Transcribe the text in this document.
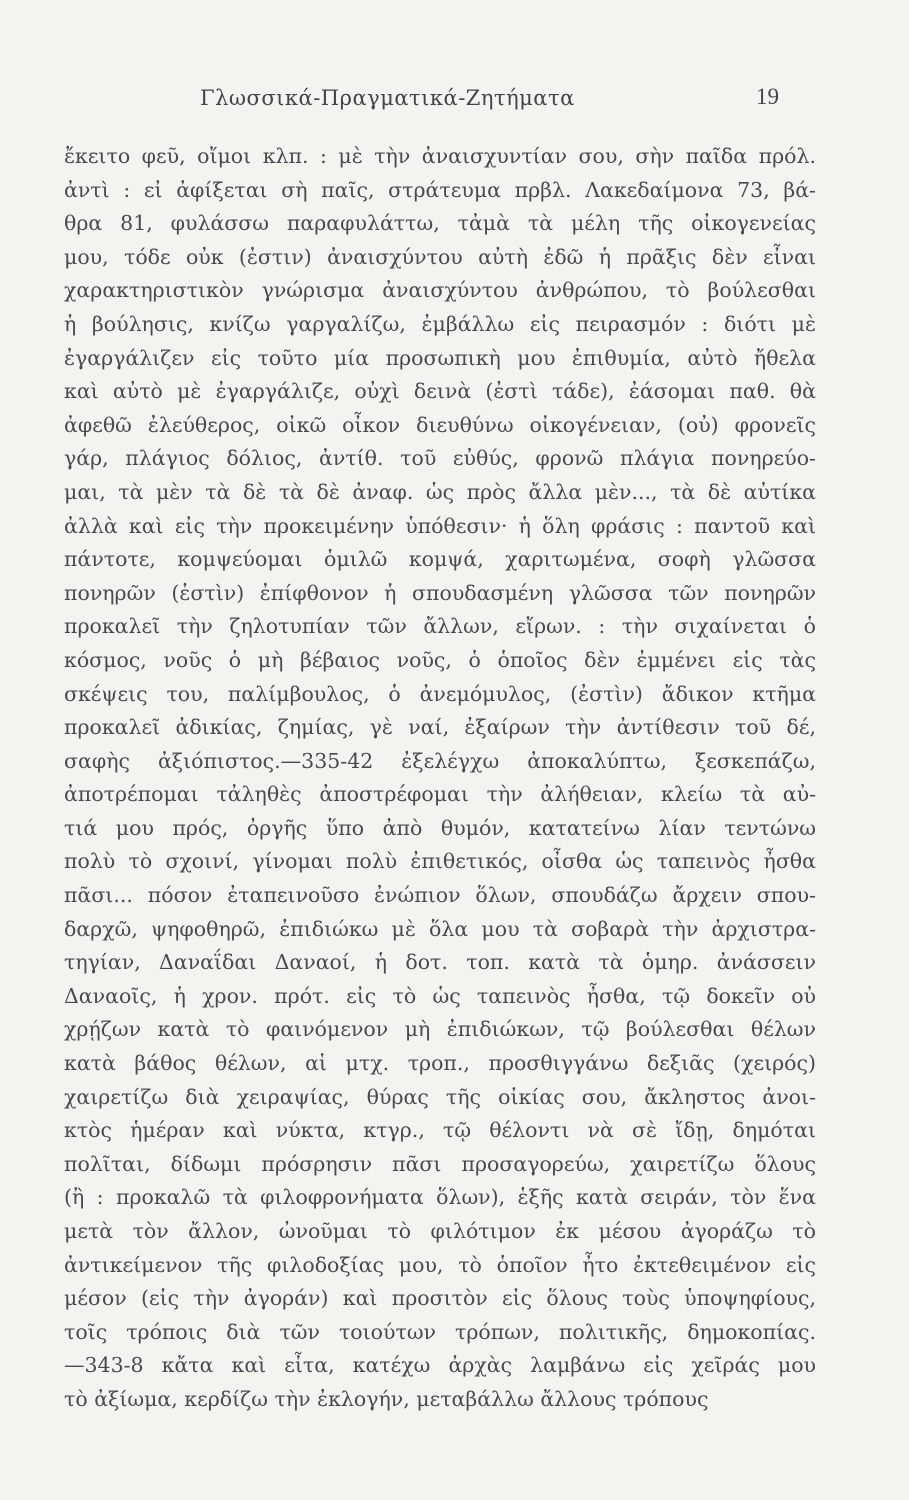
Γλωσσικά-Πραγματικά-Ζητήματα	19
ἔκειτο φεῦ, οἴμοι κλπ. : μὲ τὴν ἀναισχυντίαν σου, σὴν παῖδα πρόλ.
ἀντὶ : εἰ ἀφίξεται σὴ παῖς, στράτευμα πρβλ. Λακεδαίμονα 73, βά-
θρα 81, φυλάσσω παραφυλάττω, τἀμὰ τὰ μέλη τῆς οἰκογενείας
μου, τόδε οὐκ (ἐστιν) ἀναισχύντου αὐτὴ ἐδῶ ἡ πρᾶξις δὲν εἶναι
χαρακτηριστικὸν γνώρισμα ἀναισχύντου ἀνθρώπου, τὸ βούλεσθαι
ἡ βούλησις, κνίζω γαργαλίζω, ἐμβάλλω εἰς πειρασμόν : διότι μὲ
ἐγαργάλιζεν εἰς τοῦτο μία προσωπικὴ μου ἐπιθυμία, αὐτὸ ἤθελα
καὶ αὐτὸ μὲ ἐγαργάλιζε, οὐχὶ δεινὰ (ἐστὶ τάδε), ἐάσομαι παθ. θὰ
ἀφεθῶ ἐλεύθερος, οἰκῶ οἶκον διευθύνω οἰκογένειαν, (οὐ) φρονεῖς
γάρ, πλάγιος δόλιος, ἀντίθ. τοῦ εὐθύς, φρονῶ πλάγια πονηρεύο-
μαι, τὰ μὲν τὰ δὲ τὰ δὲ ἀναφ. ὡς πρὸς ἄλλα μὲν..., τὰ δὲ αὐτίκα
ἀλλὰ καὶ εἰς τὴν προκειμένην ὑπόθεσιν· ἡ ὅλη φράσις : παντοῦ καὶ
πάντοτε, κομψεύομαι ὁμιλῶ κομψά, χαριτωμένα, σοφὴ γλῶσσα
πονηρῶν (ἐστὶν) ἐπίφθονον ἡ σπουδασμένη γλῶσσα τῶν πονηρῶν
προκαλεῖ τὴν ζηλοτυπίαν τῶν ἄλλων, εἴρων. : τὴν σιχαίνεται ὁ
κόσμος, νοῦς ὁ μὴ βέβαιος νοῦς, ὁ ὁποῖος δὲν ἐμμένει εἰς τὰς
σκέψεις του, παλίμβουλος, ὁ ἀνεμόμυλος, (ἐστὶν) ἄδικον κτῆμα
προκαλεῖ ἀδικίας, ζημίας, γὲ ναί, ἐξαίρων τὴν ἀντίθεσιν τοῦ δέ,
σαφὴς ἀξιόπιστος.—335-42 ἐξελέγχω ἀποκαλύπτω, ξεσκεπάζω,
ἀποτρέπομαι τἀληθὲς ἀποστρέφομαι τὴν ἀλήθειαν, κλείω τὰ αὐ-
τιά μου πρός, ὀργῆς ὕπο ἀπὸ θυμόν, κατατείνω λίαν τεντώνω
πολὺ τὸ σχοινί, γίνομαι πολὺ ἐπιθετικός, οἶσθα ὡς ταπεινὸς ἦσθα
πᾶσι... πόσον ἐταπεινοῦσο ἐνώπιον ὅλων, σπουδάζω ἄρχειν σπου-
δαρχῶ, ψηφοθηρῶ, ἐπιδιώκω μὲ ὅλα μου τὰ σοβαρὰ τὴν ἀρχιστρα-
τηγίαν, Δαναΐδαι Δαναοί, ἡ δοτ. τοπ. κατὰ τὰ ὁμηρ. ἀνάσσειν
Δαναοῖς, ἡ χρον. πρότ. εἰς τὸ ὡς ταπεινὸς ἦσθα, τῷ δοκεῖν οὐ
χρῄζων κατὰ τὸ φαινόμενον μὴ ἐπιδιώκων, τῷ βούλεσθαι θέλων
κατὰ βάθος θέλων, αἱ μτχ. τροπ., προσθιγγάνω δεξιᾶς (χειρός)
χαιρετίζω διὰ χειραψίας, θύρας τῆς οἰκίας σου, ἄκληστος ἀνοι-
κτὸς ἡμέραν καὶ νύκτα, κτγρ., τῷ θέλοντι νὰ σὲ ἴδῃ, δημόται
πολῖται, δίδωμι πρόσρησιν πᾶσι προσαγορεύω, χαιρετίζω ὅλους
(ἢ : προκαλῶ τὰ φιλοφρονήματα ὅλων), ἑξῆς κατὰ σειράν, τὸν ἕνα
μετὰ τὸν ἄλλον, ὠνοῦμαι τὸ φιλότιμον ἐκ μέσου ἀγοράζω τὸ
ἀντικείμενον τῆς φιλοδοξίας μου, τὸ ὁποῖον ἦτο ἐκτεθειμένον εἰς
μέσον (εἰς τὴν ἀγοράν) καὶ προσιτὸν εἰς ὅλους τοὺς ὑποψηφίους,
τοῖς τρόποις διὰ τῶν τοιούτων τρόπων, πολιτικῆς, δημοκοπίας.
—343-8 κἄτα καὶ εἶτα, κατέχω ἀρχὰς λαμβάνω εἰς χεῖράς μου
τὸ ἀξίωμα, κερδίζω τὴν ἐκλογήν, μεταβάλλω ἄλλους τρόπους
